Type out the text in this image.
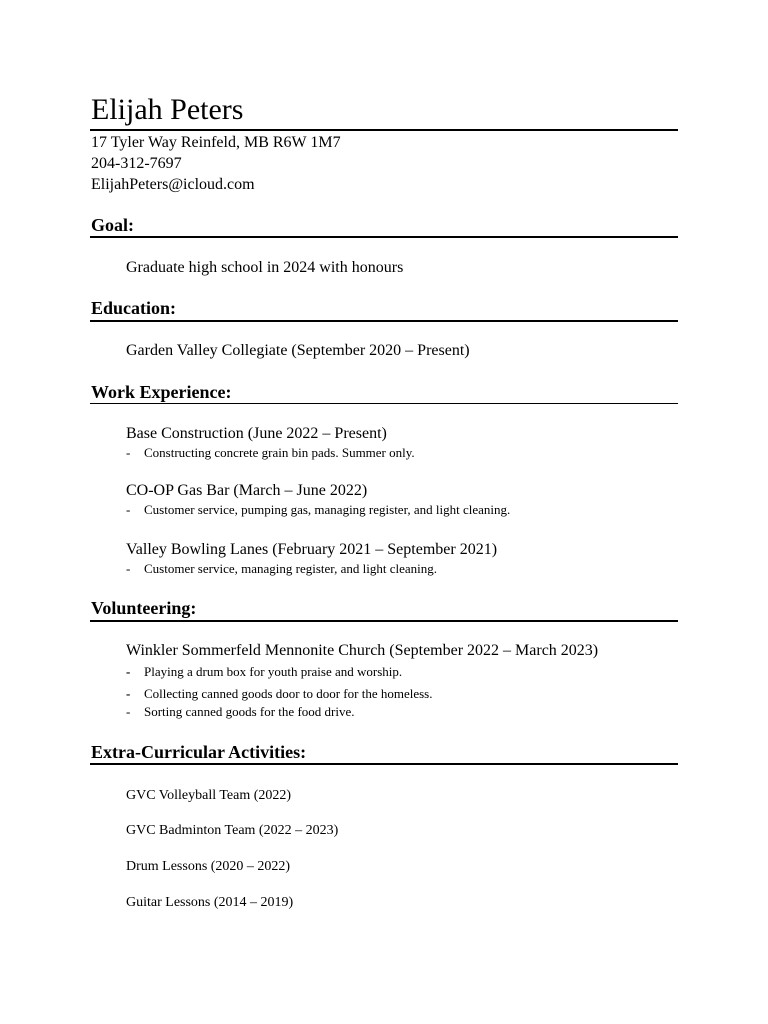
Elijah Peters
17 Tyler Way Reinfeld, MB R6W 1M7
204-312-7697
ElijahPeters@icloud.com
Goal:
Graduate high school in 2024 with honours
Education:
Garden Valley Collegiate (September 2020 – Present)
Work Experience:
Base Construction (June 2022 – Present)
- Constructing concrete grain bin pads. Summer only.
CO-OP Gas Bar (March – June 2022)
- Customer service, pumping gas, managing register, and light cleaning.
Valley Bowling Lanes (February 2021 – September 2021)
- Customer service, managing register, and light cleaning.
Volunteering:
Winkler Sommerfeld Mennonite Church (September 2022 – March 2023)
- Playing a drum box for youth praise and worship.
- Collecting canned goods door to door for the homeless.
- Sorting canned goods for the food drive.
Extra-Curricular Activities:
GVC Volleyball Team (2022)
GVC Badminton Team (2022 – 2023)
Drum Lessons (2020 – 2022)
Guitar Lessons (2014 – 2019)
